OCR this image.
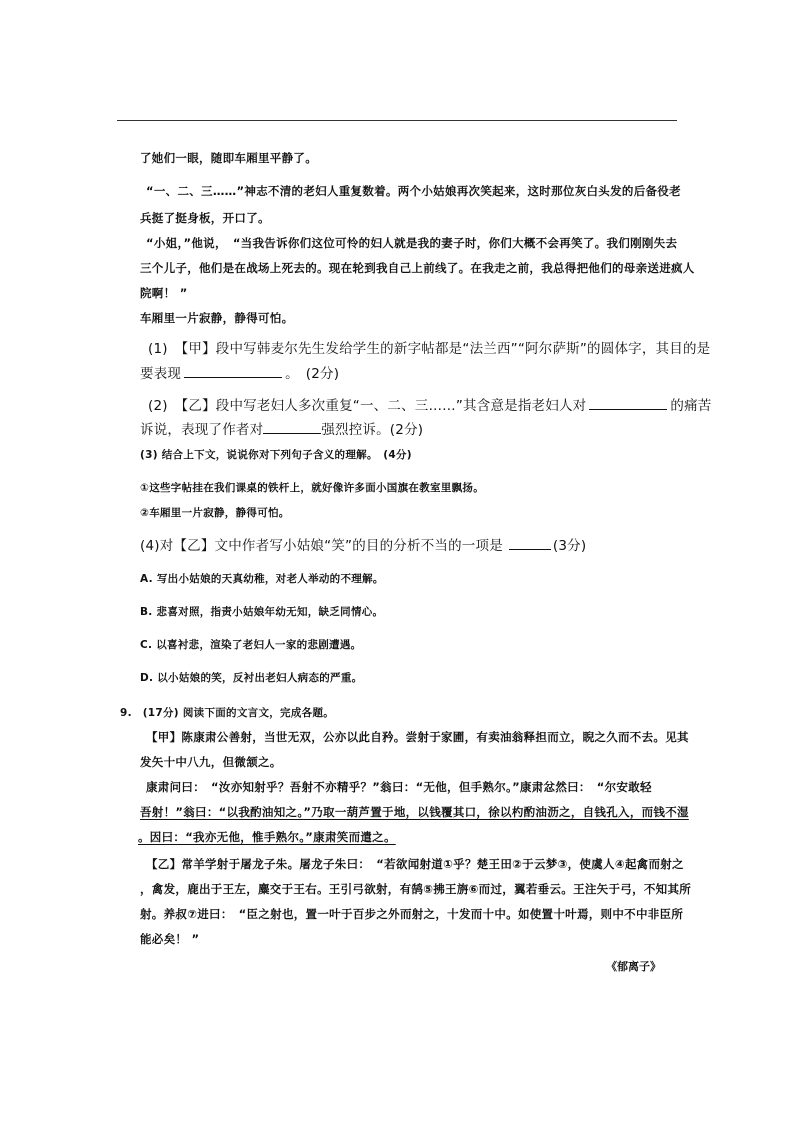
了她们一眼，随即车厢里平静了。
“一、二、三……”神志不清的老妇人重复数着。两个小姑娘再次笑起来，这时那位灰白头发的后备役老
兵挺了挺身板，开口了。
“小姐，”他说，　“当我告诉你们这位可怜的妇人就是我的妻子时，你们大概不会再笑了。我们刚刚失去
三个儿子，他们是在战场上死去的。现在轮到我自己上前线了。在我走之前，我总得把他们的母亲送进疯人
院啊！ ”
车厢里一片寂静，静得可怕。
(1)　【甲】段中写韩麦尔先生发给学生的新字帖都是“法兰西”“阿尔萨斯”的圆体字，其目的是
要表现	。　(2分)
(2)　【乙】段中写老妇人多次重复“一、二、三……”其含意是指老妇人对	的痛苦
诉说，表现了作者对	强烈控诉。(2分)
(3) 结合上下文，说说你对下列句子含义的理解。　(4分)
①这些字帖挂在我们课桌的铁杆上，就好像许多面小国旗在教室里飘扬。
②车厢里一片寂静，静得可怕。
(4)对【乙】文中作者写小姑娘“笑”的目的分析不当的一项是	(3分)
A. 写出小姑娘的天真幼稚，对老人举动的不理解。
B. 悲喜对照，指责小姑娘年幼无知，缺乏同情心。
C. 以喜衬悲，渲染了老妇人一家的悲剧遭遇。
D. 以小姑娘的笑，反衬出老妇人病态的严重。
9.　(17分) 阅读下面的文言文，完成各题。
【甲】陈康肃公善射，当世无双，公亦以此自矜。尝射于家圃，有卖油翁释担而立，睨之久而不去。见其
发矢十中八九，但微颔之。
康肃问曰：　“汝亦知射乎？吾射不亦精乎？”翁曰：“无他，但手熟尔。”康肃忿然曰：　“尔安敢轻
吾射！”翁曰：“以我酌油知之。”乃取一葫芦置于地，以钱覆其口，徐以杓酌油沥之，自钱孔入，而钱不湿
。因曰：“我亦无他，惟手熟尔。”康肃笑而遣之。
【乙】常羊学射于屠龙子朱。屠龙子朱曰：　“若欲闻射道①乎？楚王田②于云梦③，使虞人④起禽而射之
，禽发，鹿出于王左，麋交于王右。王引弓欲射，有鹄⑤拂王旃⑥而过，翼若垂云。王注矢于弓，不知其所
射。养叔⑦进曰：　“臣之射也，置一叶于百步之外而射之，十发而十中。如使置十叶焉，则中不中非臣所
能必矣！ ”
《郁离子》
